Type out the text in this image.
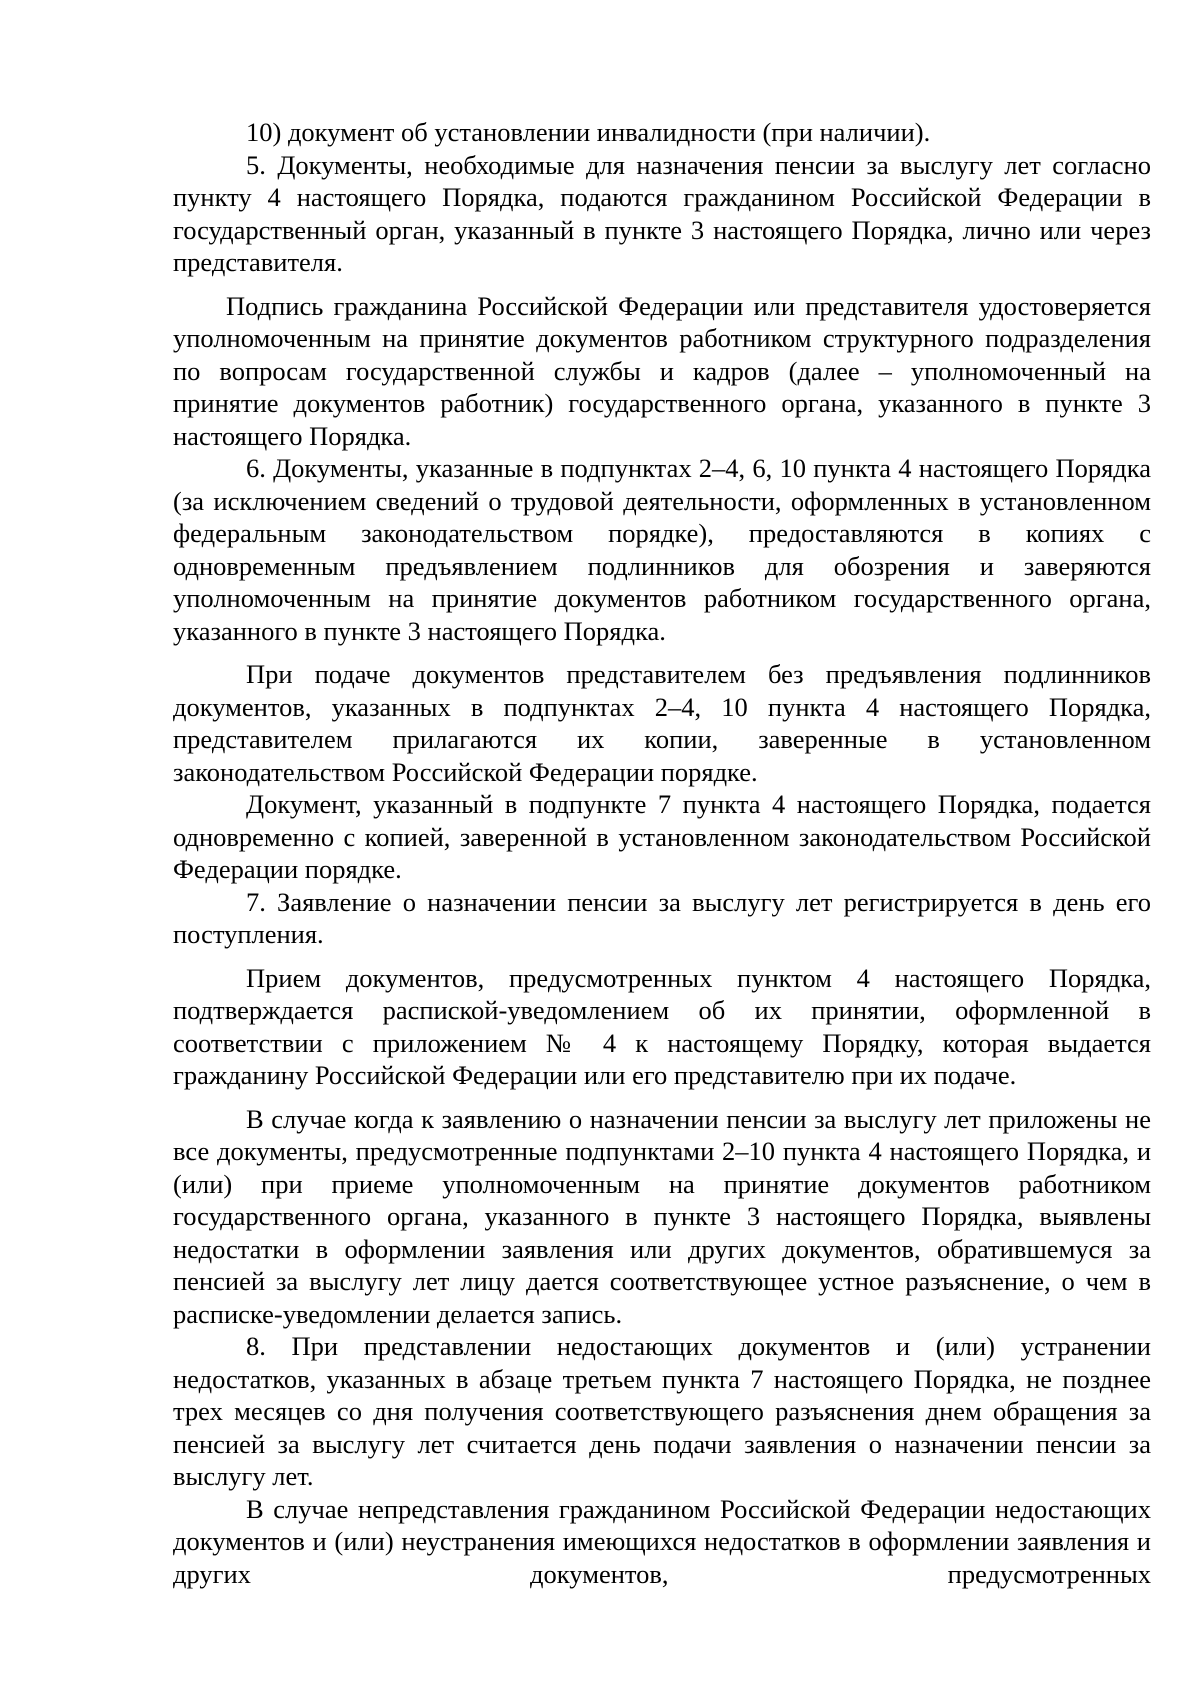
10) документ об установлении инвалидности (при наличии).

5. Документы, необходимые для назначения пенсии за выслугу лет согласно пункту 4 настоящего Порядка, подаются гражданином Российской Федерации в государственный орган, указанный в пункте 3 настоящего Порядка, лично или через представителя.

Подпись гражданина Российской Федерации или представителя удостоверяется уполномоченным на принятие документов работником структурного подразделения по вопросам государственной службы и кадров (далее – уполномоченный на принятие документов работник) государственного органа, указанного в пункте 3 настоящего Порядка.

6. Документы, указанные в подпунктах 2–4, 6, 10 пункта 4 настоящего Порядка (за исключением сведений о трудовой деятельности, оформленных в установленном федеральным законодательством порядке), предоставляются в копиях с одновременным предъявлением подлинников для обозрения и заверяются уполномоченным на принятие документов работником государственного органа, указанного в пункте 3 настоящего Порядка.

При подаче документов представителем без предъявления подлинников документов, указанных в подпунктах 2–4, 10 пункта 4 настоящего Порядка, представителем прилагаются их копии, заверенные в установленном законодательством Российской Федерации порядке.

Документ, указанный в подпункте 7 пункта 4 настоящего Порядка, подается одновременно с копией, заверенной в установленном законодательством Российской Федерации порядке.

7. Заявление о назначении пенсии за выслугу лет регистрируется в день его поступления.

Прием документов, предусмотренных пунктом 4 настоящего Порядка, подтверждается распиской-уведомлением об их принятии, оформленной в соответствии с приложением № 4 к настоящему Порядку, которая выдается гражданину Российской Федерации или его представителю при их подаче.

В случае когда к заявлению о назначении пенсии за выслугу лет приложены не все документы, предусмотренные подпунктами 2–10 пункта 4 настоящего Порядка, и (или) при приеме уполномоченным на принятие документов работником государственного органа, указанного в пункте 3 настоящего Порядка, выявлены недостатки в оформлении заявления или других документов, обратившемуся за пенсией за выслугу лет лицу дается соответствующее устное разъяснение, о чем в расписке-уведомлении делается запись.

8. При представлении недостающих документов и (или) устранении недостатков, указанных в абзаце третьем пункта 7 настоящего Порядка, не позднее трех месяцев со дня получения соответствующего разъяснения днем обращения за пенсией за выслугу лет считается день подачи заявления о назначении пенсии за выслугу лет.

В случае непредставления гражданином Российской Федерации недостающих документов и (или) неустранения имеющихся недостатков в оформлении заявления и других документов, предусмотренных
